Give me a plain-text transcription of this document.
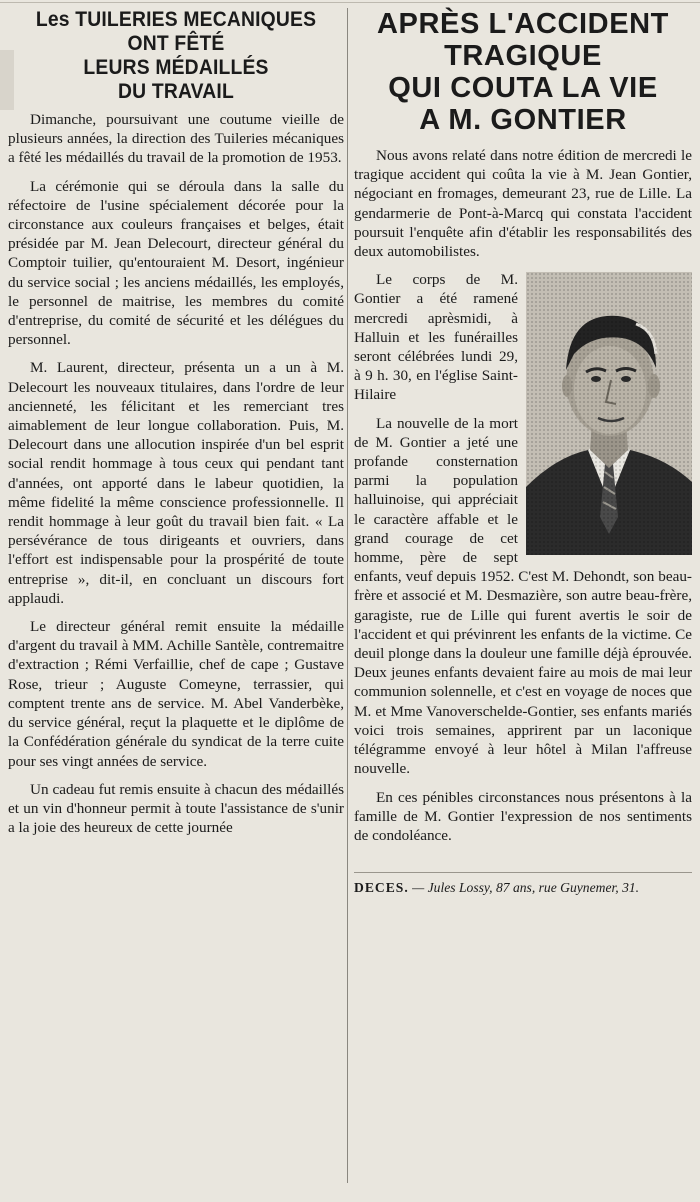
Les TUILERIES MECANIQUES
ONT FÊTÉ
LEURS MÉDAILLÉS
DU TRAVAIL

Dimanche, poursuivant une coutume vieille de plusieurs années, la direction des Tuileries mécaniques a fêté les médaillés du travail de la promotion de 1953.

La cérémonie qui se déroula dans la salle du réfectoire de l'usine spécialement décorée pour la circonstance aux couleurs françaises et belges, était présidée par M. Jean Delecourt, directeur général du Comptoir tuilier, qu'entouraient M. Desort, ingénieur du service social ; les anciens médaillés, les employés, le personnel de maitrise, les membres du comité d'entreprise, du comité de sécurité et les délégues du personnel.

M. Laurent, directeur, présenta un a un à M. Delecourt les nouveaux titulaires, dans l'ordre de leur ancienneté, les félicitant et les remerciant tres aimablement de leur longue collaboration. Puis, M. Delecourt dans une allocution inspirée d'un bel esprit social rendit hommage à tous ceux qui pendant tant d'années, ont apporté dans le labeur quotidien, la même fidelité la même conscience professionnelle. Il rendit hommage à leur goût du travail bien fait. « La persévérance de tous dirigeants et ouvriers, dans l'effort est indispensable pour la prospérité de toute entreprise », dit-il, en concluant un discours fort applaudi.

Le directeur général remit ensuite la médaille d'argent du travail à MM. Achille Santèle, contremaitre d'extraction ; Rémi Verfaillie, chef de cape ; Gustave Rose, trieur ; Auguste Comeyne, terrassier, qui comptent trente ans de service. M. Abel Vanderbèke, du service général, reçut la plaquette et le diplôme de la Confédération générale du syndicat de la terre cuite pour ses vingt années de service.

Un cadeau fut remis ensuite à chacun des médaillés et un vin d'honneur permit à toute l'assistance de s'unir a la joie des heureux de cette journée

APRÈS L'ACCIDENT
TRAGIQUE
QUI COUTA LA VIE
A M. GONTIER

Nous avons relaté dans notre édition de mercredi le tragique accident qui coûta la vie à M. Jean Gontier, négociant en fromages, demeurant 23, rue de Lille. La gendarmerie de Pont-à-Marcq qui constata l'accident poursuit l'enquête afin d'établir les responsabilités des deux automobilistes.

Le corps de M. Gontier a été ramené mercredi aprèsmidi, à Halluin et les funérailles seront célébrées lundi 29, à 9 h. 30, en l'église Saint-Hilaire

La nouvelle de la mort de M. Gontier a jeté une profande consternation parmi la population halluinoise, qui appréciait le caractère affable et le grand courage de cet homme, père de sept enfants, veuf depuis 1952. C'est M. Dehondt, son beau-frère et associé et M. Desmazière, son autre beau-frère, garagiste, rue de Lille qui furent avertis le soir de l'accident et qui prévinrent les enfants de la victime. Ce deuil plonge dans la douleur une famille déjà éprouvée. Deux jeunes enfants devaient faire au mois de mai leur communion solennelle, et c'est en voyage de noces que M. et Mme Vanoverschelde-Gontier, ses enfants mariés voici trois semaines, apprirent par un laconique télégramme envoyé à leur hôtel à Milan l'affreuse nouvelle.

En ces pénibles circonstances nous présentons à la famille de M. Gontier l'expression de nos sentiments de condoléance.

DECES. — Jules Lossy, 87 ans, rue Guynemer, 31.
